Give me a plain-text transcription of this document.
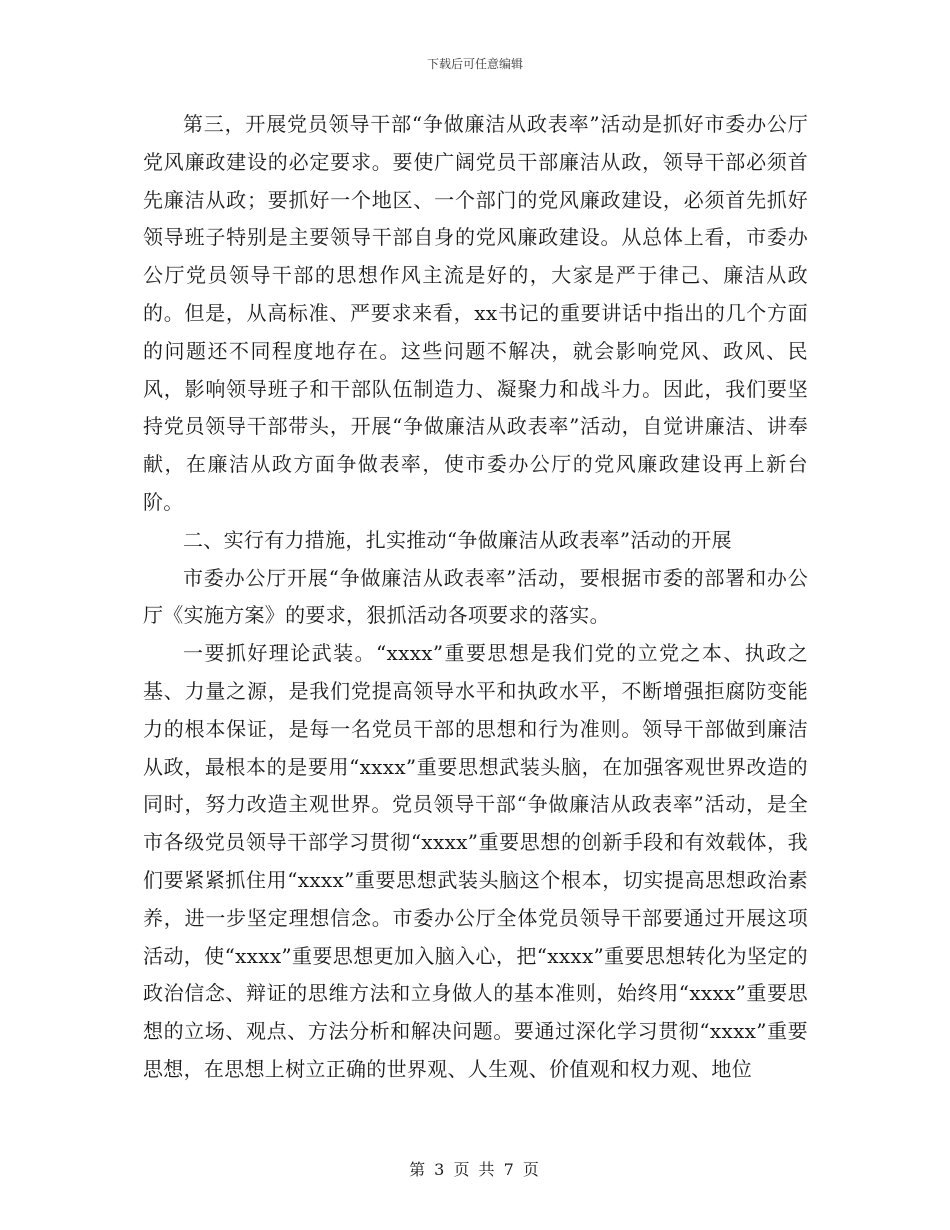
下载后可任意编辑

第三，开展党员领导干部“争做廉洁从政表率”活动是抓好市委办公厅党风廉政建设的必定要求。要使广阔党员干部廉洁从政，领导干部必须首先廉洁从政；要抓好一个地区、一个部门的党风廉政建设，必须首先抓好领导班子特别是主要领导干部自身的党风廉政建设。从总体上看，市委办公厅党员领导干部的思想作风主流是好的，大家是严于律己、廉洁从政的。但是，从高标准、严要求来看，xx书记的重要讲话中指出的几个方面的问题还不同程度地存在。这些问题不解决，就会影响党风、政风、民风，影响领导班子和干部队伍制造力、凝聚力和战斗力。因此，我们要坚持党员领导干部带头，开展“争做廉洁从政表率”活动，自觉讲廉洁、讲奉献，在廉洁从政方面争做表率，使市委办公厅的党风廉政建设再上新台阶。

二、实行有力措施，扎实推动“争做廉洁从政表率”活动的开展

市委办公厅开展“争做廉洁从政表率”活动，要根据市委的部署和办公厅《实施方案》的要求，狠抓活动各项要求的落实。

一要抓好理论武装。“xxxx”重要思想是我们党的立党之本、执政之基、力量之源，是我们党提高领导水平和执政水平，不断增强拒腐防变能力的根本保证，是每一名党员干部的思想和行为准则。领导干部做到廉洁从政，最根本的是要用“xxxx”重要思想武装头脑，在加强客观世界改造的同时，努力改造主观世界。党员领导干部“争做廉洁从政表率”活动，是全市各级党员领导干部学习贯彻“xxxx”重要思想的创新手段和有效载体，我们要紧紧抓住用“xxxx”重要思想武装头脑这个根本，切实提高思想政治素养，进一步坚定理想信念。市委办公厅全体党员领导干部要通过开展这项活动，使“xxxx”重要思想更加入脑入心，把“xxxx”重要思想转化为坚定的政治信念、辩证的思维方法和立身做人的基本准则，始终用“xxxx”重要思想的立场、观点、方法分析和解决问题。要通过深化学习贯彻“xxxx”重要思想，在思想上树立正确的世界观、人生观、价值观和权力观、地位

第 3 页 共 7 页
